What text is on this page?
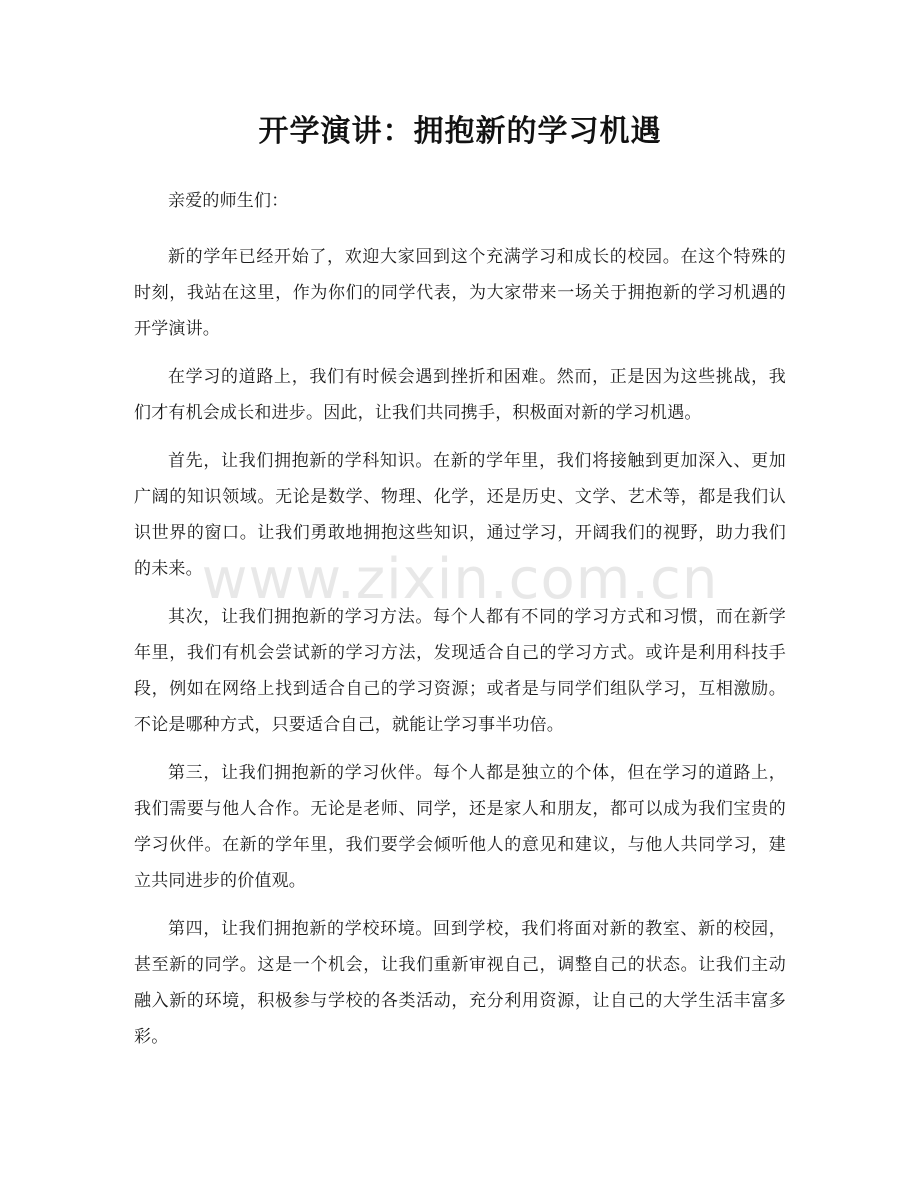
开学演讲：拥抱新的学习机遇

亲爱的师生们：

新的学年已经开始了，欢迎大家回到这个充满学习和成长的校园。在这个特殊的时刻，我站在这里，作为你们的同学代表，为大家带来一场关于拥抱新的学习机遇的开学演讲。

在学习的道路上，我们有时候会遇到挫折和困难。然而，正是因为这些挑战，我们才有机会成长和进步。因此，让我们共同携手，积极面对新的学习机遇。

首先，让我们拥抱新的学科知识。在新的学年里，我们将接触到更加深入、更加广阔的知识领域。无论是数学、物理、化学，还是历史、文学、艺术等，都是我们认识世界的窗口。让我们勇敢地拥抱这些知识，通过学习，开阔我们的视野，助力我们的未来。

其次，让我们拥抱新的学习方法。每个人都有不同的学习方式和习惯，而在新学年里，我们有机会尝试新的学习方法，发现适合自己的学习方式。或许是利用科技手段，例如在网络上找到适合自己的学习资源；或者是与同学们组队学习，互相激励。不论是哪种方式，只要适合自己，就能让学习事半功倍。

第三，让我们拥抱新的学习伙伴。每个人都是独立的个体，但在学习的道路上，我们需要与他人合作。无论是老师、同学，还是家人和朋友，都可以成为我们宝贵的学习伙伴。在新的学年里，我们要学会倾听他人的意见和建议，与他人共同学习，建立共同进步的价值观。

第四，让我们拥抱新的学校环境。回到学校，我们将面对新的教室、新的校园，甚至新的同学。这是一个机会，让我们重新审视自己，调整自己的状态。让我们主动融入新的环境，积极参与学校的各类活动，充分利用资源，让自己的大学生活丰富多彩。

www.zixin.com.cn
